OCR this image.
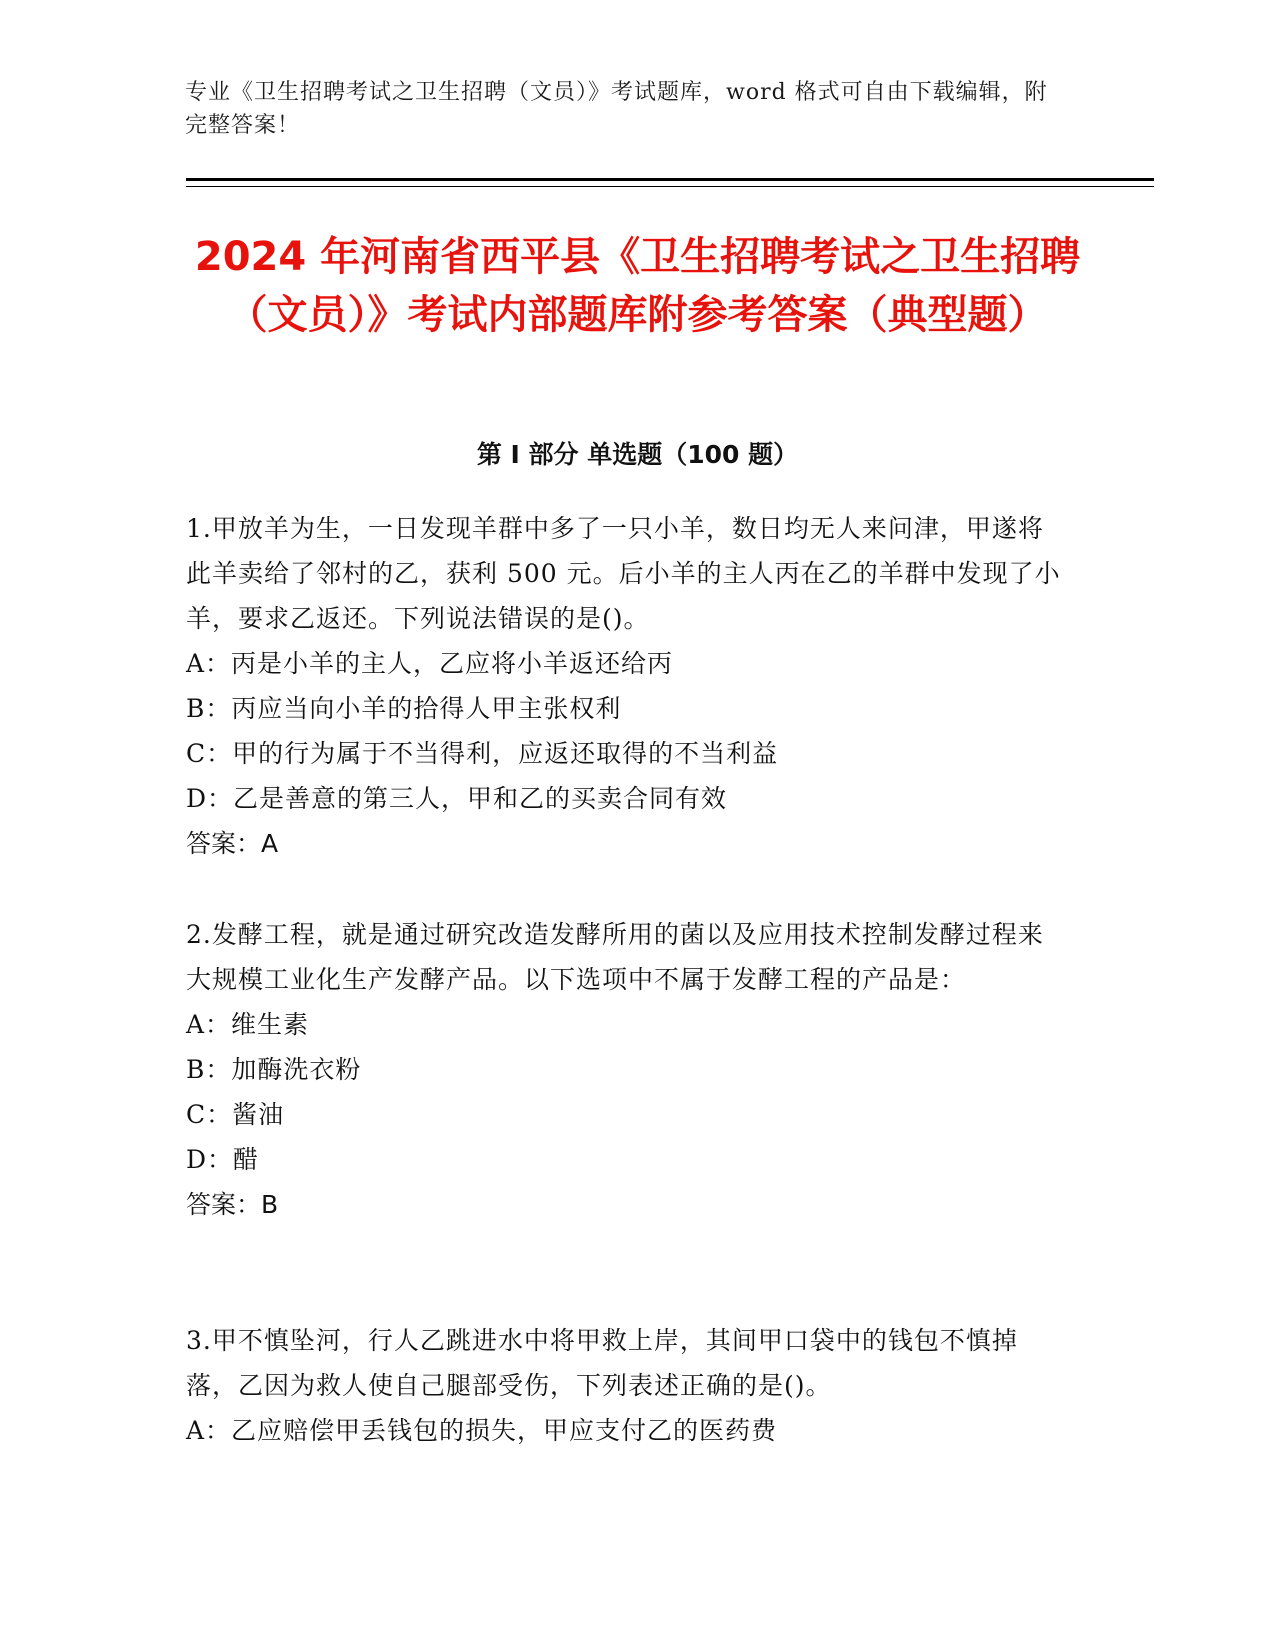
专业《卫生招聘考试之卫生招聘（文员）》考试题库，word 格式可自由下载编辑，附完整答案！
2024 年河南省西平县《卫生招聘考试之卫生招聘（文员）》考试内部题库附参考答案（典型题）
第 I 部分 单选题（100 题）

1.甲放羊为生，一日发现羊群中多了一只小羊，数日均无人来问津，甲遂将此羊卖给了邻村的乙，获利 500 元。后小羊的主人丙在乙的羊群中发现了小羊，要求乙返还。下列说法错误的是()。

A：丙是小羊的主人，乙应将小羊返还给丙

B：丙应当向小羊的拾得人甲主张权利

C：甲的行为属于不当得利，应返还取得的不当利益

D：乙是善意的第三人，甲和乙的买卖合同有效

答案：A

2.发酵工程，就是通过研究改造发酵所用的菌以及应用技术控制发酵过程来大规模工业化生产发酵产品。以下选项中不属于发酵工程的产品是：

A：维生素

B：加酶洗衣粉

C：酱油

D：醋

答案：B

3.甲不慎坠河，行人乙跳进水中将甲救上岸，其间甲口袋中的钱包不慎掉落，乙因为救人使自己腿部受伤，下列表述正确的是()。

A：乙应赔偿甲丢钱包的损失，甲应支付乙的医药费
